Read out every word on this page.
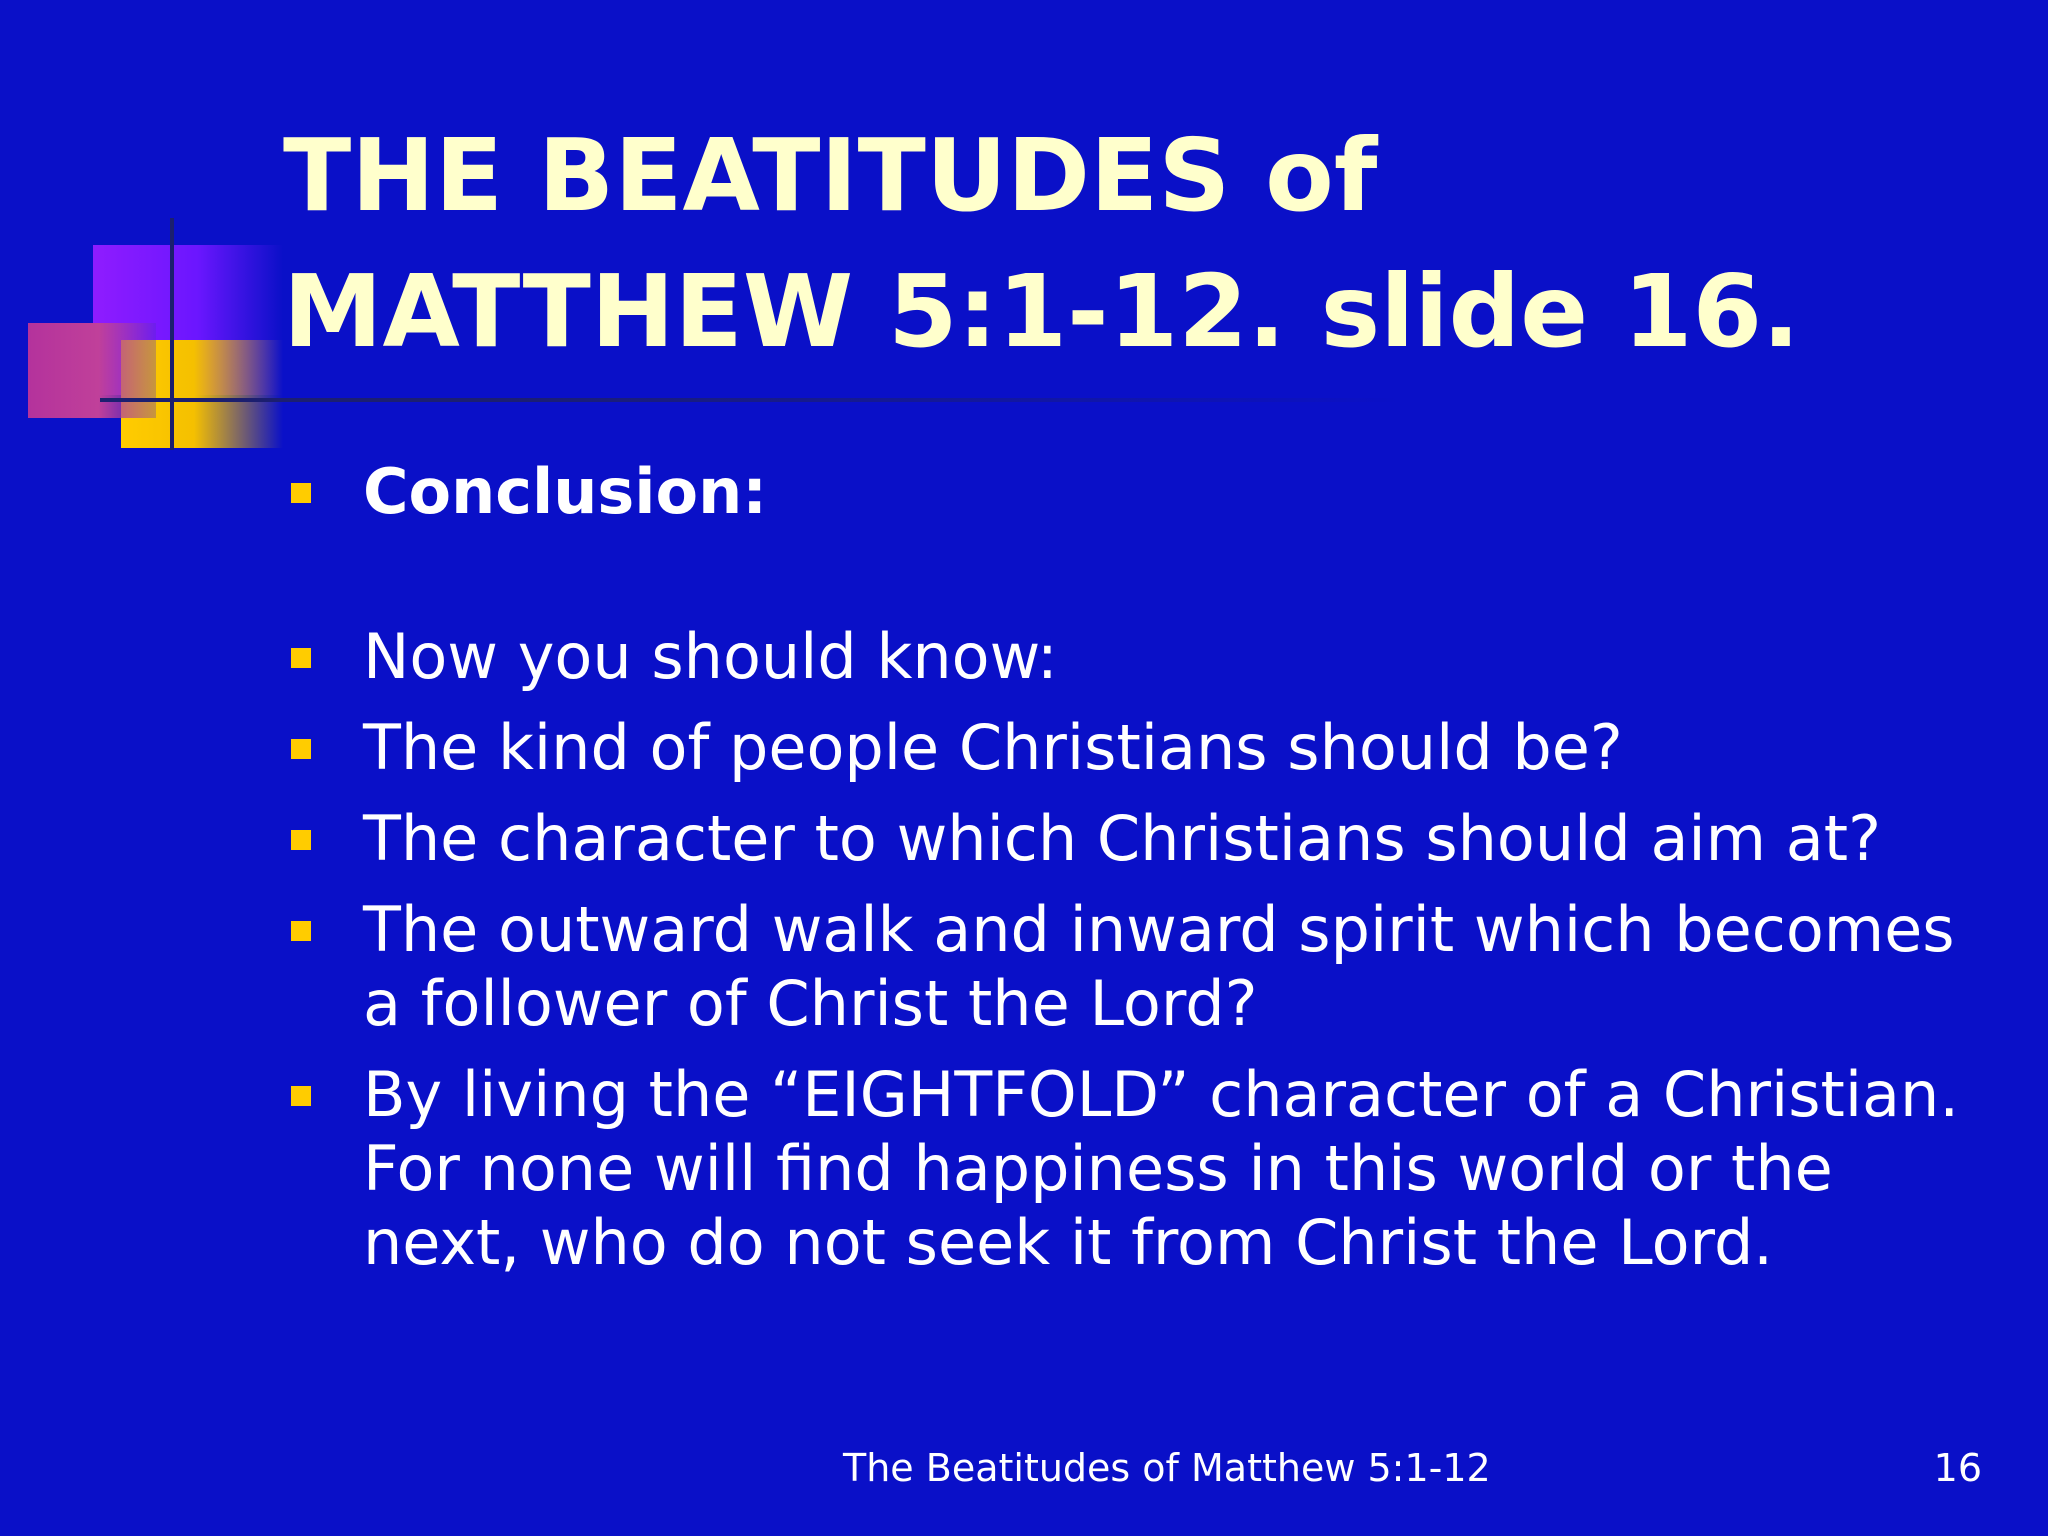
THE BEATITUDES of
MATTHEW 5:1-12. slide 16.
Conclusion:
Now you should know:
The kind of people Christians should be?
The character to which Christians should aim at?
The outward walk and inward spirit which becomes a follower of Christ the Lord?
By living the “EIGHTFOLD” character of a Christian. For none will find happiness in this world or the next, who do not seek it from Christ the Lord.
The Beatitudes of Matthew 5:1-12	16
